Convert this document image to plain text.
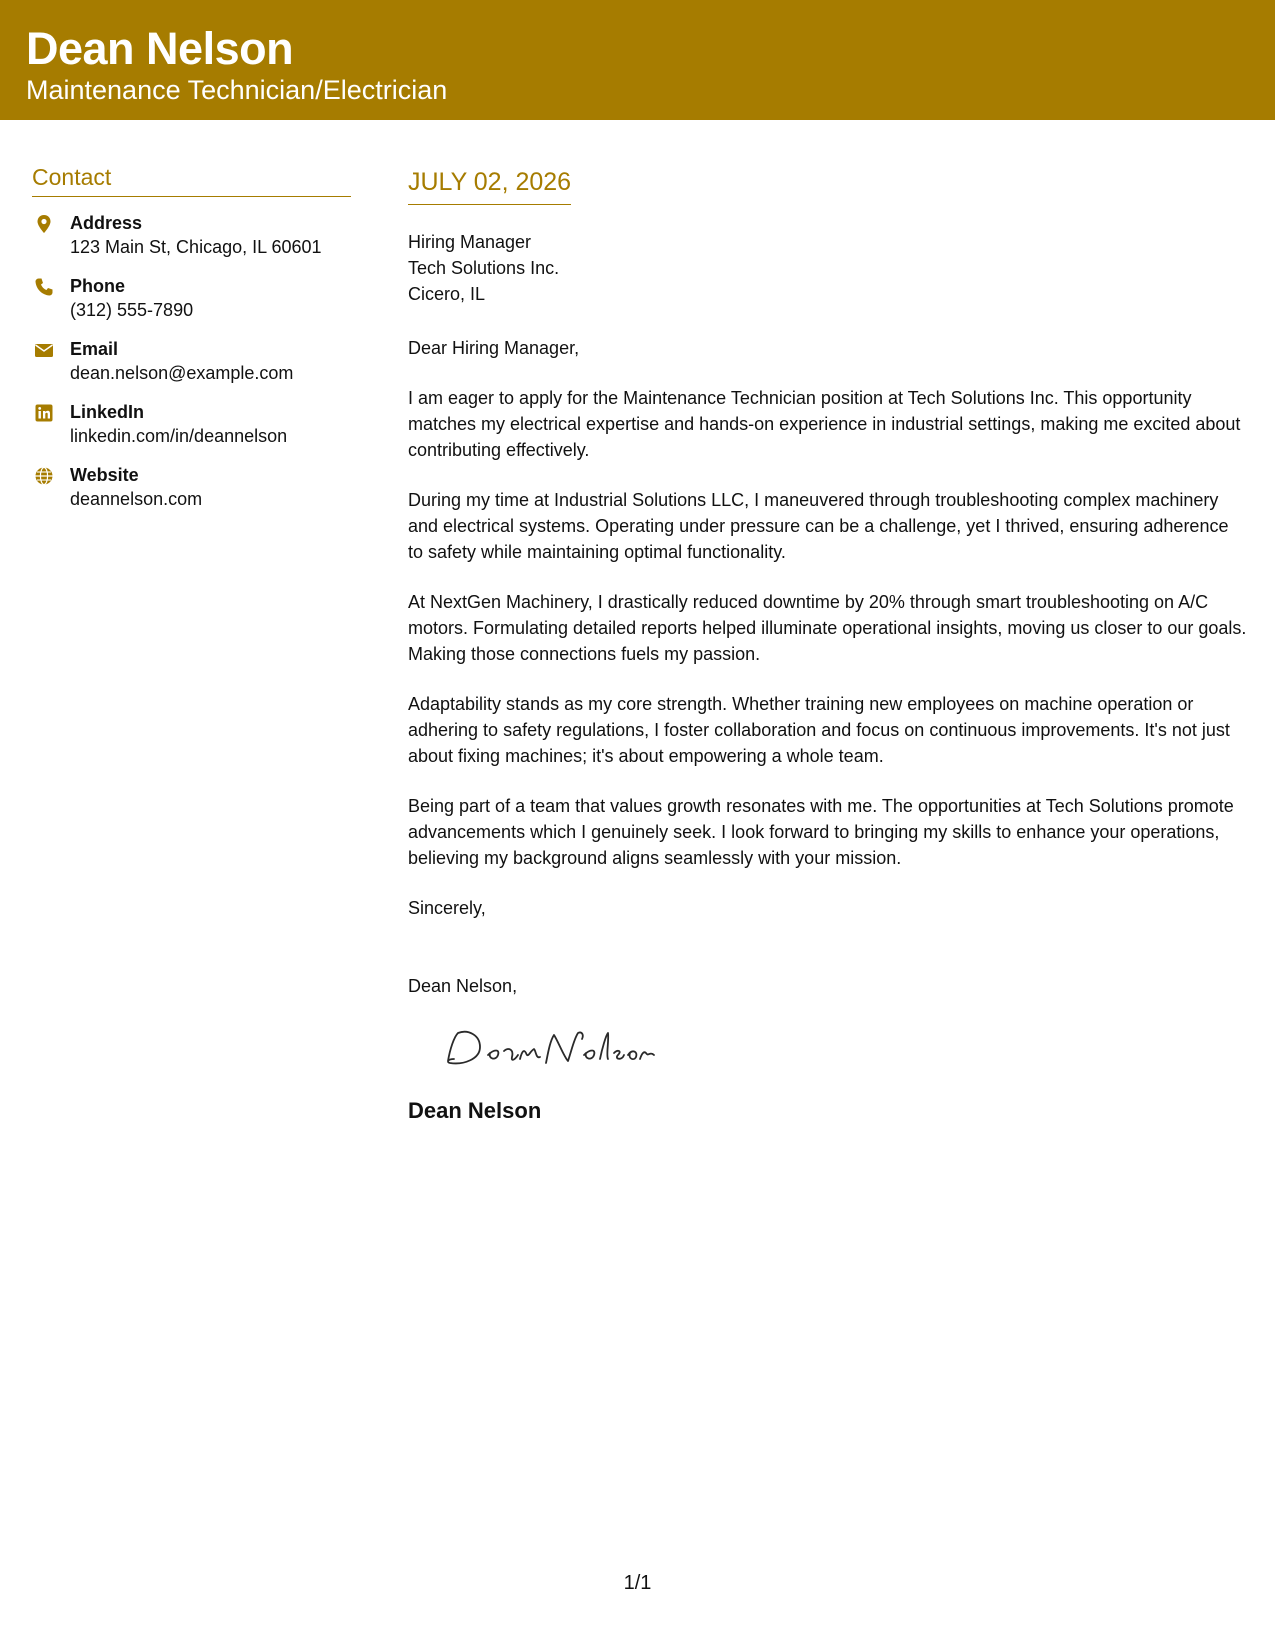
Dean Nelson
Maintenance Technician/Electrician
Contact
Address
123 Main St, Chicago, IL 60601
Phone
(312) 555-7890
Email
dean.nelson@example.com
LinkedIn
linkedin.com/in/deannelson
Website
deannelson.com
JULY 02, 2026
Hiring Manager
Tech Solutions Inc.
Cicero, IL
Dear Hiring Manager,
I am eager to apply for the Maintenance Technician position at Tech Solutions Inc. This opportunity matches my electrical expertise and hands-on experience in industrial settings, making me excited about contributing effectively.
During my time at Industrial Solutions LLC, I maneuvered through troubleshooting complex machinery and electrical systems. Operating under pressure can be a challenge, yet I thrived, ensuring adherence to safety while maintaining optimal functionality.
At NextGen Machinery, I drastically reduced downtime by 20% through smart troubleshooting on A/C motors. Formulating detailed reports helped illuminate operational insights, moving us closer to our goals. Making those connections fuels my passion.
Adaptability stands as my core strength. Whether training new employees on machine operation or adhering to safety regulations, I foster collaboration and focus on continuous improvements. It's not just about fixing machines; it's about empowering a whole team.
Being part of a team that values growth resonates with me. The opportunities at Tech Solutions promote advancements which I genuinely seek. I look forward to bringing my skills to enhance your operations, believing my background aligns seamlessly with your mission.
Sincerely,
Dean Nelson,
Dean Nelson
1/1
